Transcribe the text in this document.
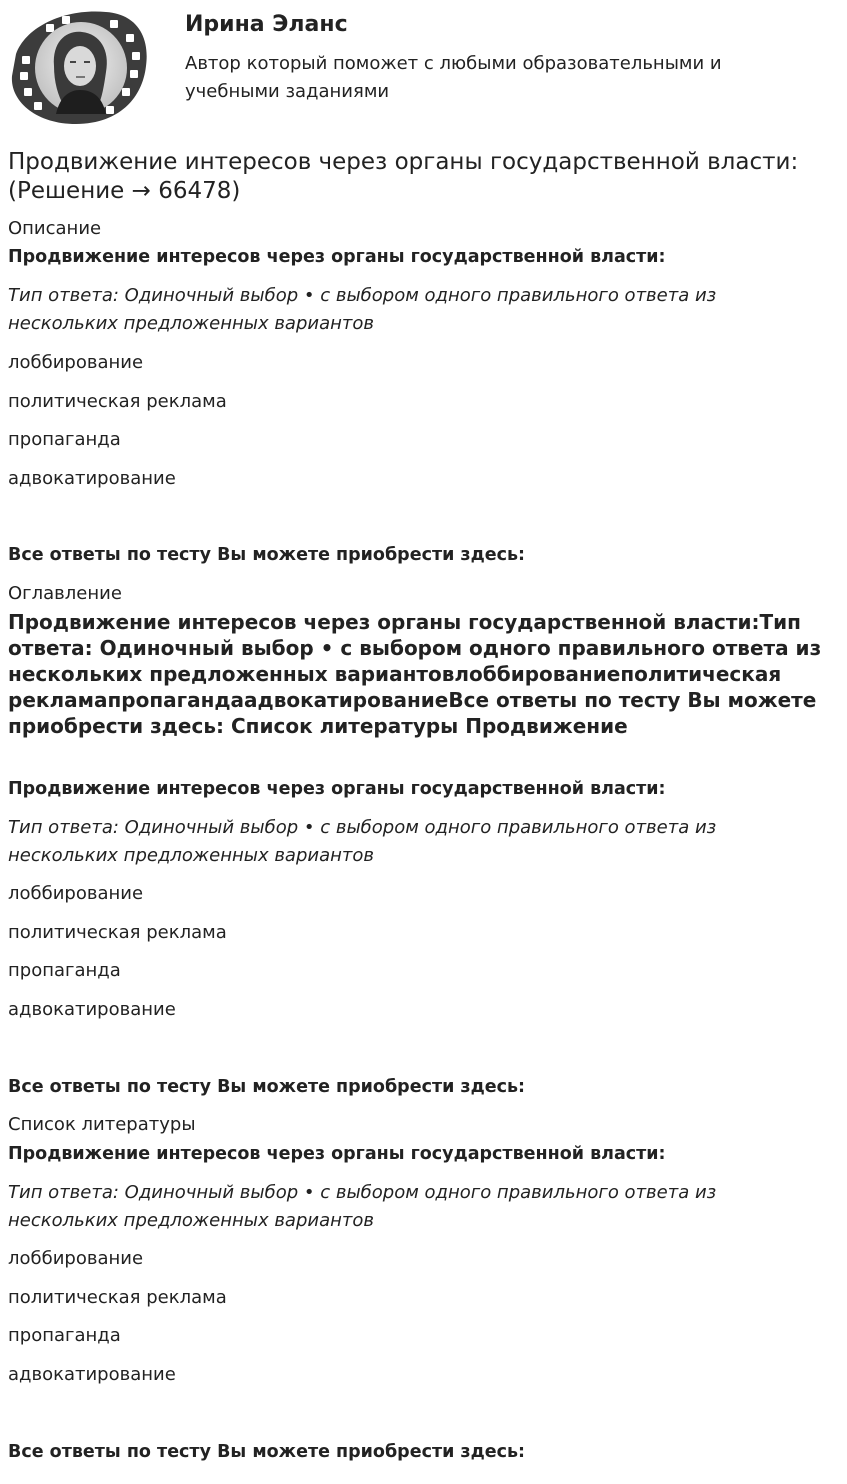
Ирина Эланс
Автор который поможет с любыми образовательными и учебными заданиями
Продвижение интересов через органы государственной власти: (Решение → 66478)
Описание
Продвижение интересов через органы государственной власти:
Тип ответа: Одиночный выбор • с выбором одного правильного ответа из нескольких предложенных вариантов
лоббирование
политическая реклама
пропаганда
адвокатирование
Все ответы по тесту Вы можете приобрести здесь:
Оглавление
Продвижение интересов через органы государственной власти:Тип ответа: Одиночный выбор • с выбором одного правильного ответа из нескольких предложенных вариантовлоббированиеполитическая рекламапропагандаадвокатированиеВсе ответы по тесту Вы можете приобрести здесь: Список литературы Продвижение
Продвижение интересов через органы государственной власти:
Тип ответа: Одиночный выбор • с выбором одного правильного ответа из нескольких предложенных вариантов
лоббирование
политическая реклама
пропаганда
адвокатирование
Все ответы по тесту Вы можете приобрести здесь:
Список литературы
Продвижение интересов через органы государственной власти:
Тип ответа: Одиночный выбор • с выбором одного правильного ответа из нескольких предложенных вариантов
лоббирование
политическая реклама
пропаганда
адвокатирование
Все ответы по тесту Вы можете приобрести здесь:
